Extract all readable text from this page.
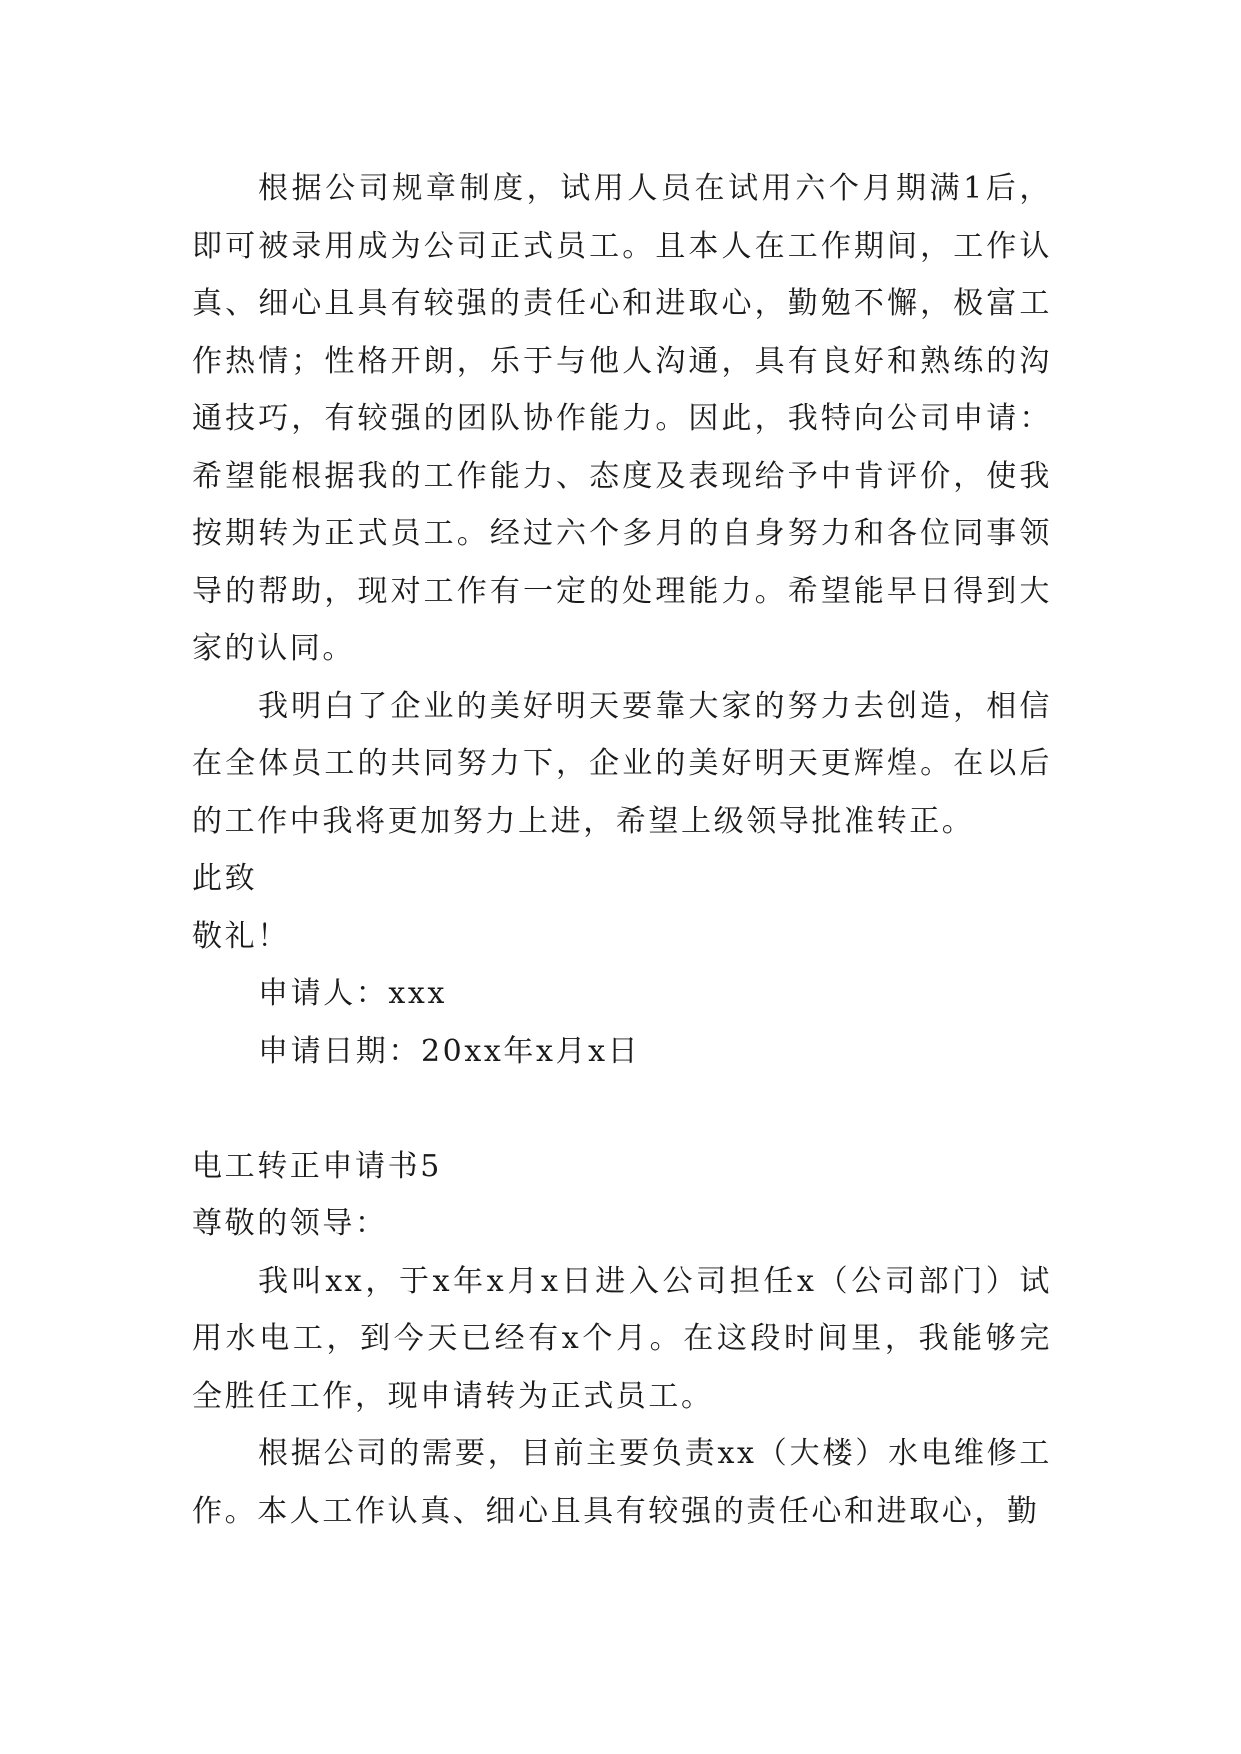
根据公司规章制度，试用人员在试用六个月期满1后，即可被录用成为公司正式员工。且本人在工作期间，工作认真、细心且具有较强的责任心和进取心，勤勉不懈，极富工作热情；性格开朗，乐于与他人沟通，具有良好和熟练的沟通技巧，有较强的团队协作能力。因此，我特向公司申请：希望能根据我的工作能力、态度及表现给予中肯评价，使我按期转为正式员工。经过六个多月的自身努力和各位同事领导的帮助，现对工作有一定的处理能力。希望能早日得到大家的认同。

我明白了企业的美好明天要靠大家的努力去创造，相信在全体员工的共同努力下，企业的美好明天更辉煌。在以后的工作中我将更加努力上进，希望上级领导批准转正。

此致

敬礼！

申请人：xxx

申请日期：20xx年x月x日

电工转正申请书5

尊敬的领导：

我叫xx，于x年x月x日进入公司担任x（公司部门）试用水电工，到今天已经有x个月。在这段时间里，我能够完全胜任工作，现申请转为正式员工。

根据公司的需要，目前主要负责xx（大楼）水电维修工作。本人工作认真、细心且具有较强的责任心和进取心，勤
